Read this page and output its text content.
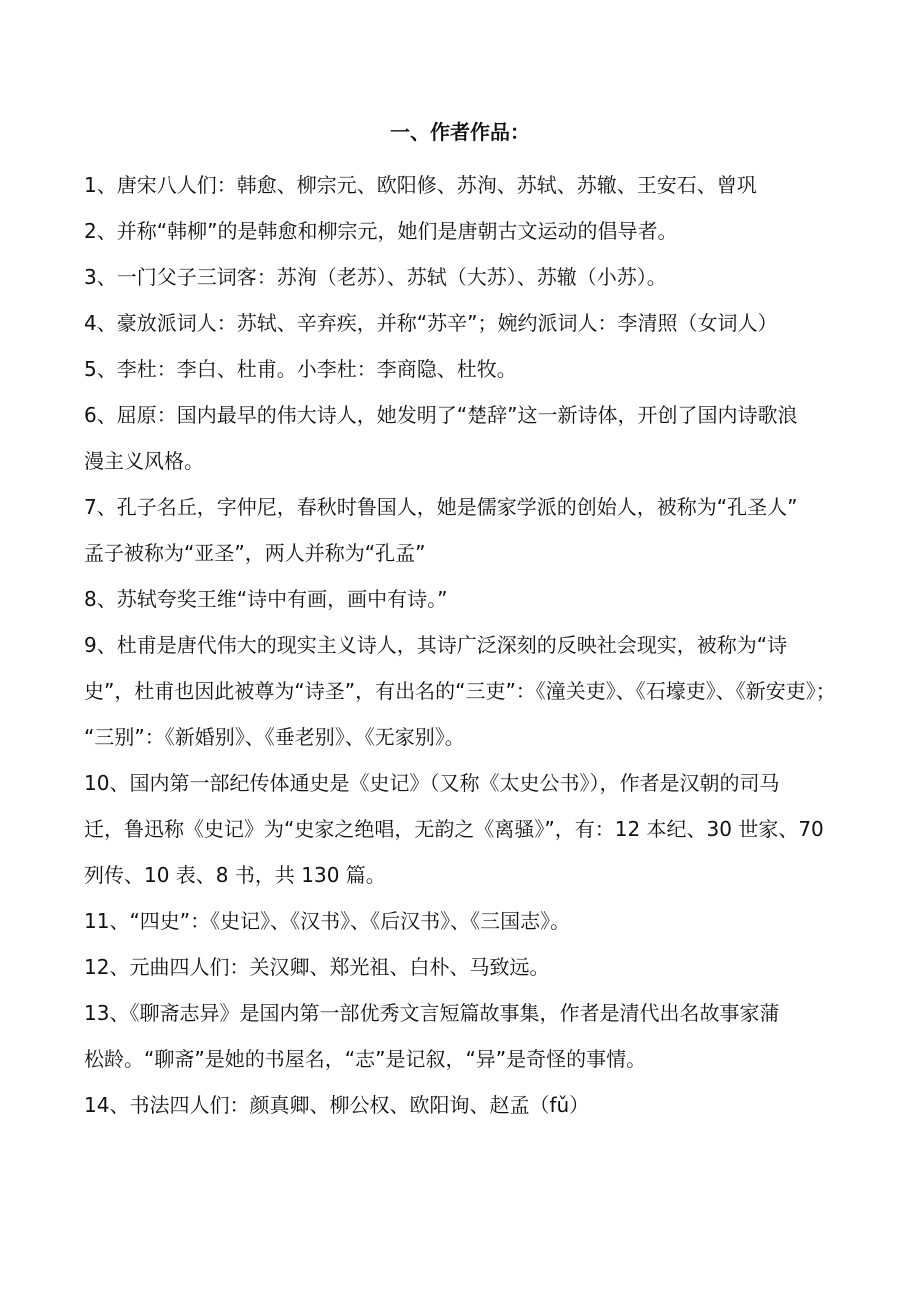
一、作者作品：
1、唐宋八人们：韩愈、柳宗元、欧阳修、苏洵、苏轼、苏辙、王安石、曾巩
2、并称“韩柳”的是韩愈和柳宗元，她们是唐朝古文运动的倡导者。
3、一门父子三词客：苏洵（老苏）、苏轼（大苏）、苏辙（小苏）。
4、豪放派词人：苏轼、辛弃疾，并称“苏辛”；婉约派词人：李清照（女词人）
5、李杜：李白、杜甫。小李杜：李商隐、杜牧。
6、屈原：国内最早的伟大诗人，她发明了“楚辞”这一新诗体，开创了国内诗歌浪
漫主义风格。
7、孔子名丘，字仲尼，春秋时鲁国人，她是儒家学派的创始人，被称为“孔圣人”
孟子被称为“亚圣”，两人并称为“孔孟”
8、苏轼夸奖王维“诗中有画，画中有诗。”
9、杜甫是唐代伟大的现实主义诗人，其诗广泛深刻的反映社会现实，被称为“诗
史”，杜甫也因此被尊为“诗圣”，有出名的“三吏”：《潼关吏》、《石壕吏》、《新安吏》；
“三别”：《新婚别》、《垂老别》、《无家别》。
10、国内第一部纪传体通史是《史记》（又称《太史公书》），作者是汉朝的司马
迁，鲁迅称《史记》为“史家之绝唱，无韵之《离骚》”，有：12 本纪、30 世家、70
列传、10 表、8 书，共 130 篇。
11、“四史”：《史记》、《汉书》、《后汉书》、《三国志》。
12、元曲四人们：关汉卿、郑光祖、白朴、马致远。
13、《聊斋志异》是国内第一部优秀文言短篇故事集，作者是清代出名故事家蒲
松龄。“聊斋”是她的书屋名，“志”是记叙，“异”是奇怪的事情。
14、书法四人们：颜真卿、柳公权、欧阳询、赵孟（fǔ）
